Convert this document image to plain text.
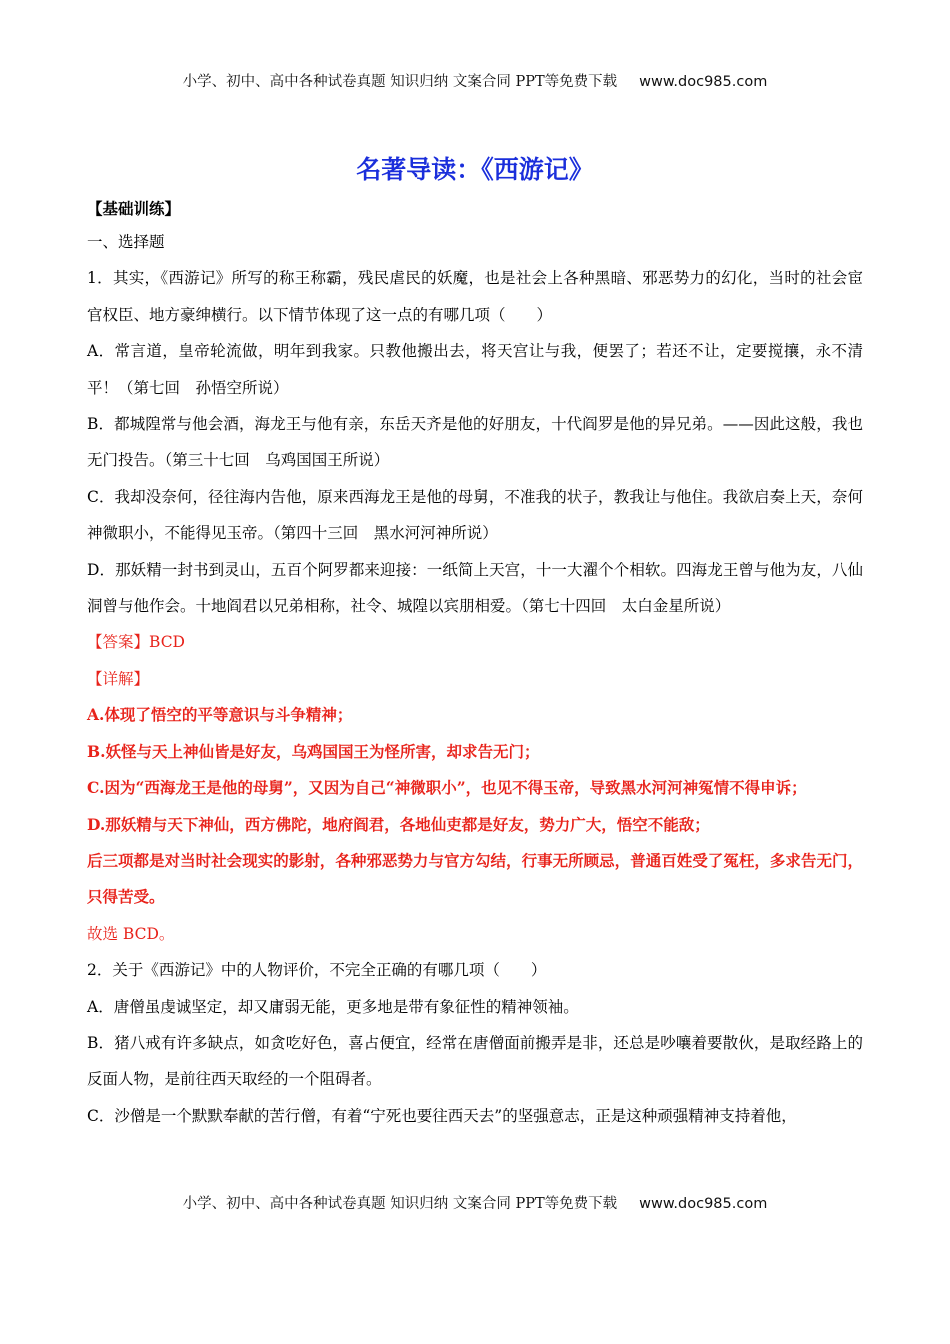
小学、初中、高中各种试卷真题 知识归纳 文案合同 PPT等免费下载 www.doc985.com
名著导读：《西游记》
【基础训练】
一、选择题
1．其实，《西游记》所写的称王称霸，残民虐民的妖魔，也是社会上各种黑暗、邪恶势力的幻化，当时的社会宦官权臣、地方豪绅横行。以下情节体现了这一点的有哪几项（　　）
A．常言道，皇帝轮流做，明年到我家。只教他搬出去，将天宫让与我，便罢了；若还不让，定要搅攘，永不清平！（第七回　孙悟空所说）
B．都城隍常与他会酒，海龙王与他有亲，东岳天齐是他的好朋友，十代阎罗是他的异兄弟。——因此这般，我也无门投告。（第三十七回　乌鸡国国王所说）
C．我却没奈何，径往海内告他，原来西海龙王是他的母舅，不准我的状子，教我让与他住。我欲启奏上天，奈何神微职小，不能得见玉帝。（第四十三回　黑水河河神所说）
D．那妖精一封书到灵山，五百个阿罗都来迎接：一纸简上天宫，十一大濯个个相软。四海龙王曾与他为友，八仙洞曾与他作会。十地阎君以兄弟相称，社令、城隍以宾朋相爱。（第七十四回　太白金星所说）
【答案】BCD
【详解】
A.体现了悟空的平等意识与斗争精神；
B.妖怪与天上神仙皆是好友，乌鸡国国王为怪所害，却求告无门；
C.因为“西海龙王是他的母舅”，又因为自己“神微职小”，也见不得玉帝，导致黑水河河神冤情不得申诉；
D.那妖精与天下神仙，西方佛陀，地府阎君，各地仙吏都是好友，势力广大，悟空不能敌；
后三项都是对当时社会现实的影射，各种邪恶势力与官方勾结，行事无所顾忌，普通百姓受了冤枉，多求告无门，只得苦受。
故选 BCD。
2．关于《西游记》中的人物评价，不完全正确的有哪几项（　　）
A．唐僧虽虔诚坚定，却又庸弱无能，更多地是带有象征性的精神领袖。
B．猪八戒有许多缺点，如贪吃好色，喜占便宜，经常在唐僧面前搬弄是非，还总是吵嚷着要散伙，是取经路上的反面人物，是前往西天取经的一个阻碍者。
C．沙僧是一个默默奉献的苦行僧，有着“宁死也要往西天去”的坚强意志，正是这种顽强精神支持着他，
小学、初中、高中各种试卷真题 知识归纳 文案合同 PPT等免费下载 www.doc985.com
